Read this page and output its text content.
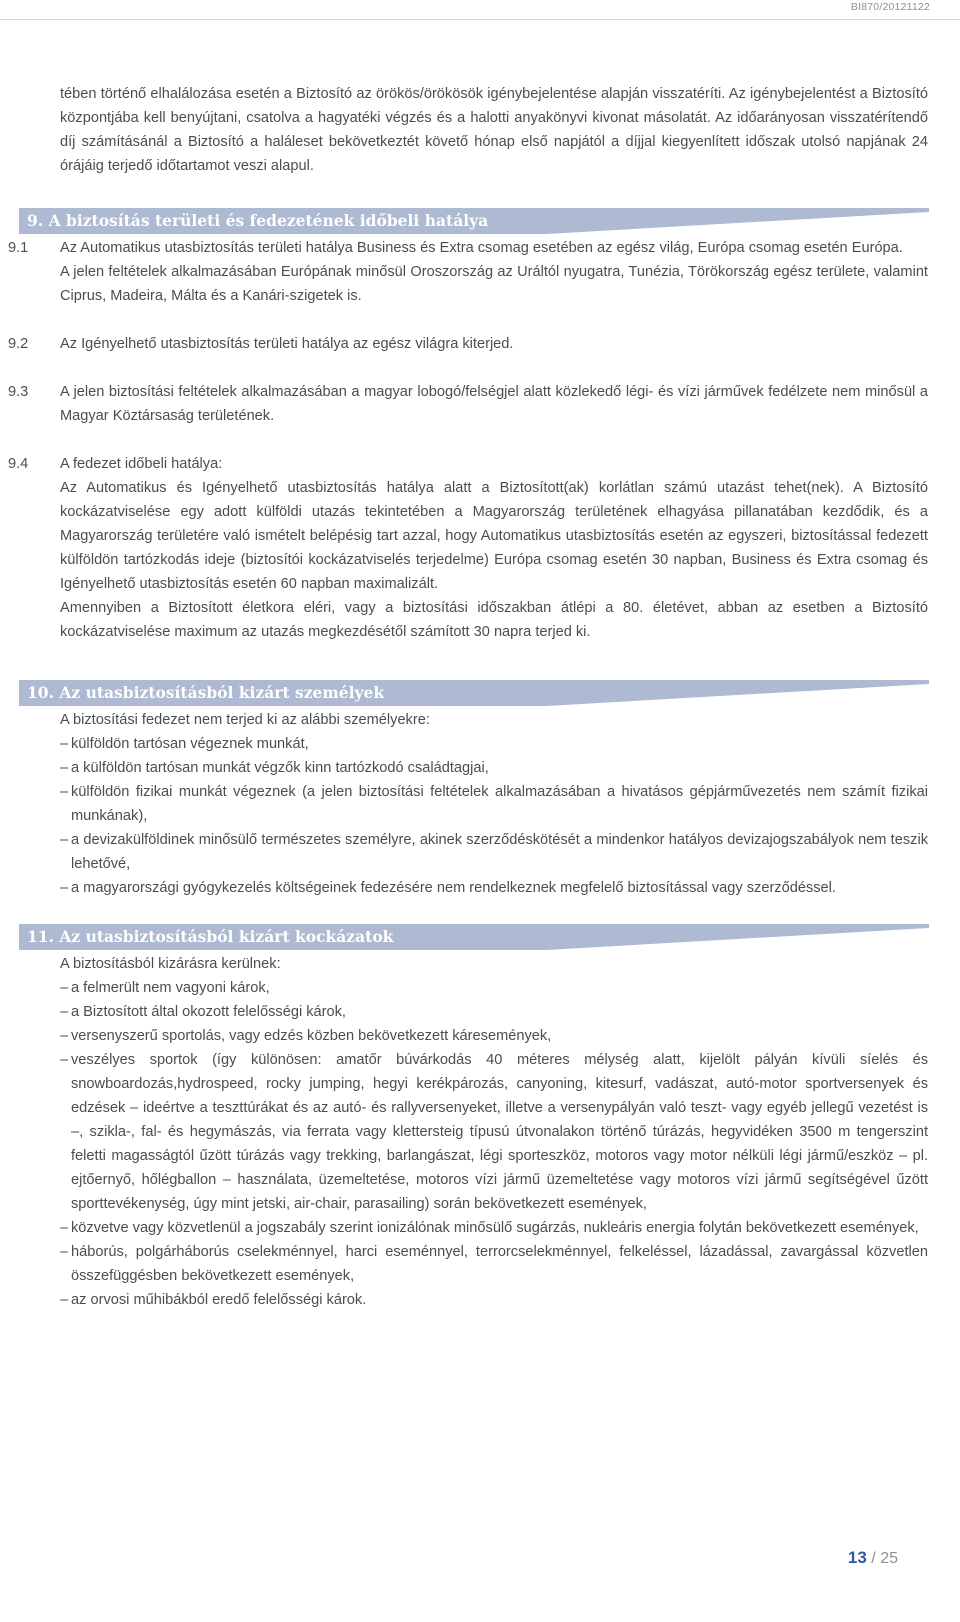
BI870/20121122

tében történő elhalálozása esetén a Biztosító az örökös/örökösök igénybejelentése alapján visszatéríti. Az igénybejelentést a Biztosító központjába kell benyújtani, csatolva a hagyatéki végzés és a halotti anyakönyvi kivonat másolatát. Az időarányosan visszatérítendő díj számításánál a Biztosító a haláleset bekövetkeztét követő hónap első napjától a díjjal kiegyenlített időszak utolsó napjának 24 órájáig terjedő időtartamot veszi alapul.

9. A biztosítás területi és fedezetének időbeli hatálya
9.1 Az Automatikus utasbiztosítás területi hatálya Business és Extra csomag esetében az egész világ, Európa csomag esetén Európa.

A jelen feltételek alkalmazásában Európának minősül Oroszország az Uráltól nyugatra, Tunézia, Törökország egész területe, valamint Ciprus, Madeira, Málta és a Kanári-szigetek is.

9.2 Az Igényelhető utasbiztosítás területi hatálya az egész világra kiterjed.

9.3 A jelen biztosítási feltételek alkalmazásában a magyar lobogó/felségjel alatt közlekedő légi- és vízi járművek fedélzete nem minősül a Magyar Köztársaság területének.

9.4 A fedezet időbeli hatálya:

Az Automatikus és Igényelhető utasbiztosítás hatálya alatt a Biztosított(ak) korlátlan számú utazást tehet(nek). A Biztosító kockázatviselése egy adott külföldi utazás tekintetében a Magyarország területének elhagyása pillanatában kezdődik, és a Magyarország területére való ismételt belépésig tart azzal, hogy Automatikus utasbiztosítás esetén az egyszeri, biztosítással fedezett külföldön tartózkodás ideje (biztosítói kockázatviselés terjedelme) Európa csomag esetén 30 napban, Business és Extra csomag és Igényelhető utasbiztosítás esetén 60 napban maximalizált.

Amennyiben a Biztosított életkora eléri, vagy a biztosítási időszakban átlépi a 80. életévet, abban az esetben a Biztosító kockázatviselése maximum az utazás megkezdésétől számított 30 napra terjed ki.

10. Az utasbiztosításból kizárt személyek

A biztosítási fedezet nem terjed ki az alábbi személyekre:

– külföldön tartósan végeznek munkát,
– a külföldön tartósan munkát végzők kinn tartózkodó családtagjai,
– külföldön fizikai munkát végeznek (a jelen biztosítási feltételek alkalmazásában a hivatásos gépjárművezetés nem számít fizikai munkának),
– a devizakülföldinek minősülő természetes személyre, akinek szerződéskötését a mindenkor hatályos devizajogszabályok nem teszik lehetővé,
– a magyarországi gyógykezelés költségeinek fedezésére nem rendelkeznek megfelelő biztosítással vagy szerződéssel.
11. Az utasbiztosításból kizárt kockázatok

A biztosításból kizárásra kerülnek:

– a felmerült nem vagyoni károk,
– a Biztosított által okozott felelősségi károk,
– versenyszerű sportolás, vagy edzés közben bekövetkezett káresemények,
– veszélyes sportok (így különösen: amatőr búvárkodás 40 méteres mélység alatt, kijelölt pályán kívüli síelés és snowboardozás,hydrospeed, rocky jumping, hegyi kerékpározás, canyoning, kitesurf, vadászat, autó-motor sportversenyek és edzések – ideértve a teszttúrákat és az autó- és rallyversenyeket, illetve a versenypályán való teszt- vagy egyéb jellegű vezetést is –, szikla-, fal- és hegymászás, via ferrata vagy klettersteig típusú útvonalakon történő túrázás, hegyvidéken 3500 m tengerszint feletti magasságtól űzött túrázás vagy trekking, barlangászat, légi sporteszköz, motoros vagy motor nélküli légi jármű/eszköz – pl. ejtőernyő, hőlégballon – használata, üzemeltetése, motoros vízi jármű üzemeltetése vagy motoros vízi jármű segítségével űzött sporttevékenység, úgy mint jetski, air-chair, parasailing) során bekövetkezett események,
– közvetve vagy közvetlenül a jogszabály szerint ionizálónak minősülő sugárzás, nukleáris energia folytán bekövetkezett események,
– háborús, polgárháborús cselekménnyel, harci eseménnyel, terrorcselekménnyel, felkeléssel, lázadással, zavargással közvetlen összefüggésben bekövetkezett események,
– az orvosi műhibákból eredő felelősségi károk.
13 / 25
